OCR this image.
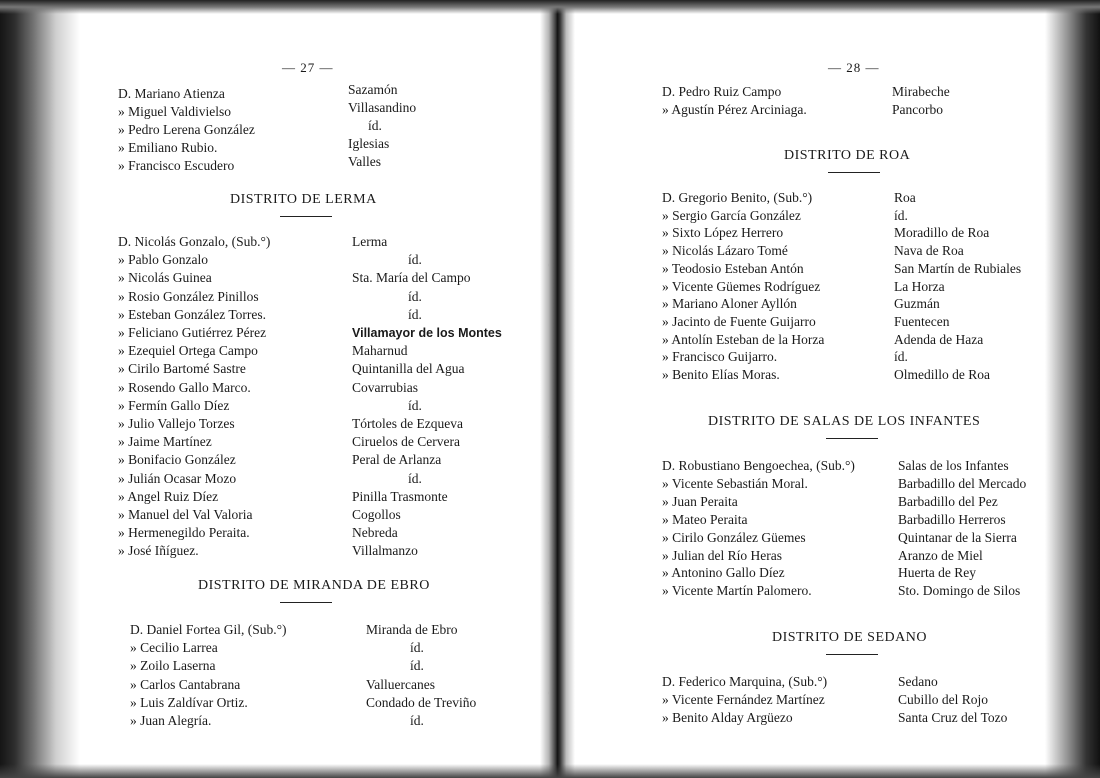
— 27 —
D. Mariano Atienza	Sazamón
» Miguel Valdivielso	Villasandino
» Pedro Lerena González	íd.
» Emiliano Rubio.	Iglesias
» Francisco Escudero	Valles
DISTRITO DE LERMA
D. Nicolás Gonzalo, (Sub.°)	Lerma
» Pablo Gonzalo	íd.
» Nicolás Guinea	Sta. María del Campo
» Rosio González Pinillos	íd.
» Esteban González Torres.	íd.
» Feliciano Gutiérrez Pérez	Villamayor de los Montes
» Ezequiel Ortega Campo	Maharnud
» Cirilo Bartomé Sastre	Quintanilla del Agua
» Rosendo Gallo Marco.	Covarrubias
» Fermín Gallo Díez	íd.
» Julio Vallejo Torzes	Tórtoles de Ezqueva
» Jaime Martínez	Ciruelos de Cervera
» Bonifacio González	Peral de Arlanza
» Julián Ocasar Mozo	íd.
» Angel Ruiz Díez	Pinilla Trasmonte
» Manuel del Val Valoria	Cogollos
» Hermenegildo Peraita.	Nebreda
» José Iñíguez.	Villalmanzo
DISTRITO DE MIRANDA DE EBRO
D. Daniel Fortea Gil, (Sub.°)	Miranda de Ebro
» Cecilio Larrea	íd.
» Zoilo Laserna	íd.
» Carlos Cantabrana	Valluercanes
» Luis Zaldívar Ortiz.	Condado de Treviño
» Juan Alegría.	íd.
— 28 —
D. Pedro Ruiz Campo	Mirabeche
» Agustín Pérez Arciniaga.	Pancorbo
DISTRITO DE ROA
D. Gregorio Benito, (Sub.°)	Roa
» Sergio García González	íd.
» Sixto López Herrero	Moradillo de Roa
» Nicolás Lázaro Tomé	Nava de Roa
» Teodosio Esteban Antón	San Martín de Rubiales
» Vicente Güemes Rodríguez	La Horza
» Mariano Aloner Ayllón	Guzmán
» Jacinto de Fuente Guijarro	Fuentecen
» Antolín Esteban de la Horza	Adenda de Haza
» Francisco Guijarro.	íd.
» Benito Elías Moras.	Olmedillo de Roa
DISTRITO DE SALAS DE LOS INFANTES
D. Robustiano Bengoechea, (Sub.°)	Salas de los Infantes
» Vicente Sebastián Moral.	Barbadillo del Mercado
» Juan Peraita	Barbadillo del Pez
» Mateo Peraita	Barbadillo Herreros
» Cirilo González Güemes	Quintanar de la Sierra
» Julian del Río Heras	Aranzo de Miel
» Antonino Gallo Díez	Huerta de Rey
» Vicente Martín Palomero.	Sto. Domingo de Silos
DISTRITO DE SEDANO
D. Federico Marquina, (Sub.°)	Sedano
» Vicente Fernández Martínez	Cubillo del Rojo
» Benito Alday Argüezo	Santa Cruz del Tozo
